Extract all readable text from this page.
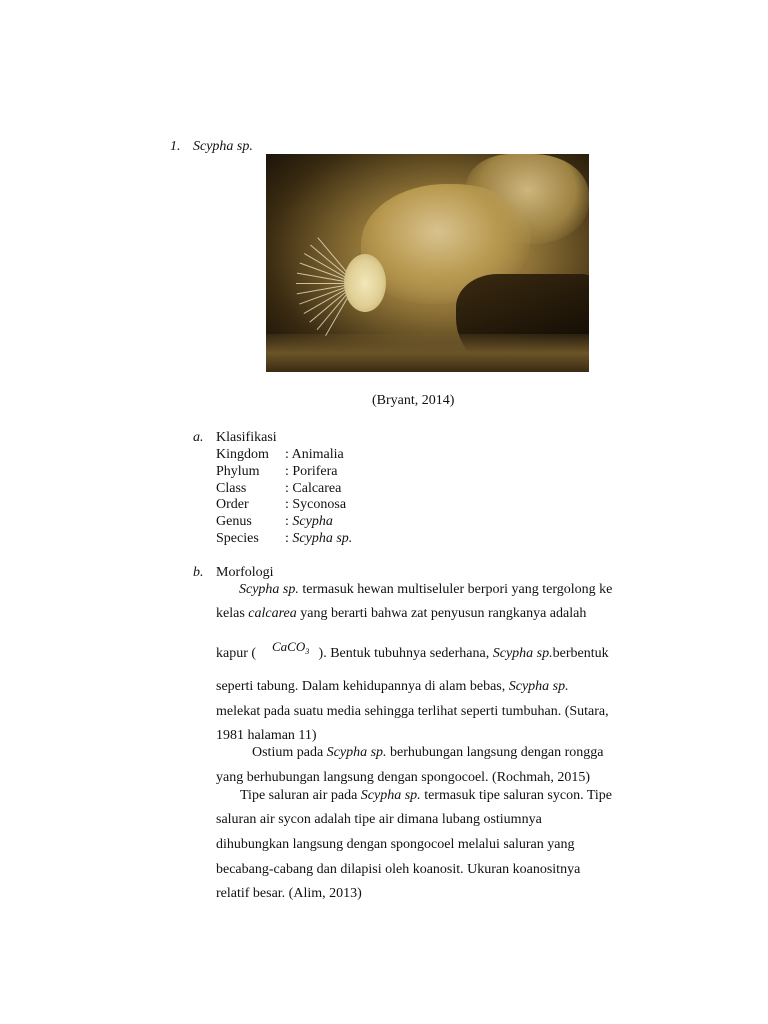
1. Scypha sp.
(Bryant, 2014)
a. Klasifikasi
Kingdom : Animalia
Phylum : Porifera
Class	: Calcarea
Order	: Syconosa
Genus : Scypha
Species : Scypha sp.
b. Morfologi
Scypha sp. termasuk hewan multiseluler berpori yang tergolong ke
kelas calcarea yang berarti bahwa zat penyusun rangkanya adalah
CaCO$_3$
kapur (	). Bentuk tubuhnya sederhana, Scypha sp.berbentuk
seperti tabung. Dalam kehidupannya di alam bebas, Scypha sp.
melekat pada suatu media sehingga terlihat seperti tumbuhan. (Sutara,
1981 halaman 11)
Ostium pada Scypha sp. berhubungan langsung dengan rongga
yang berhubungan langsung dengan spongocoel. (Rochmah, 2015)
Tipe saluran air pada Scypha sp. termasuk tipe saluran sycon. Tipe
saluran air sycon adalah tipe air dimana lubang ostiumnya
dihubungkan langsung dengan spongocoel melalui saluran yang
becabang-cabang dan dilapisi oleh koanosit. Ukuran koanositnya
relatif besar. (Alim, 2013)
